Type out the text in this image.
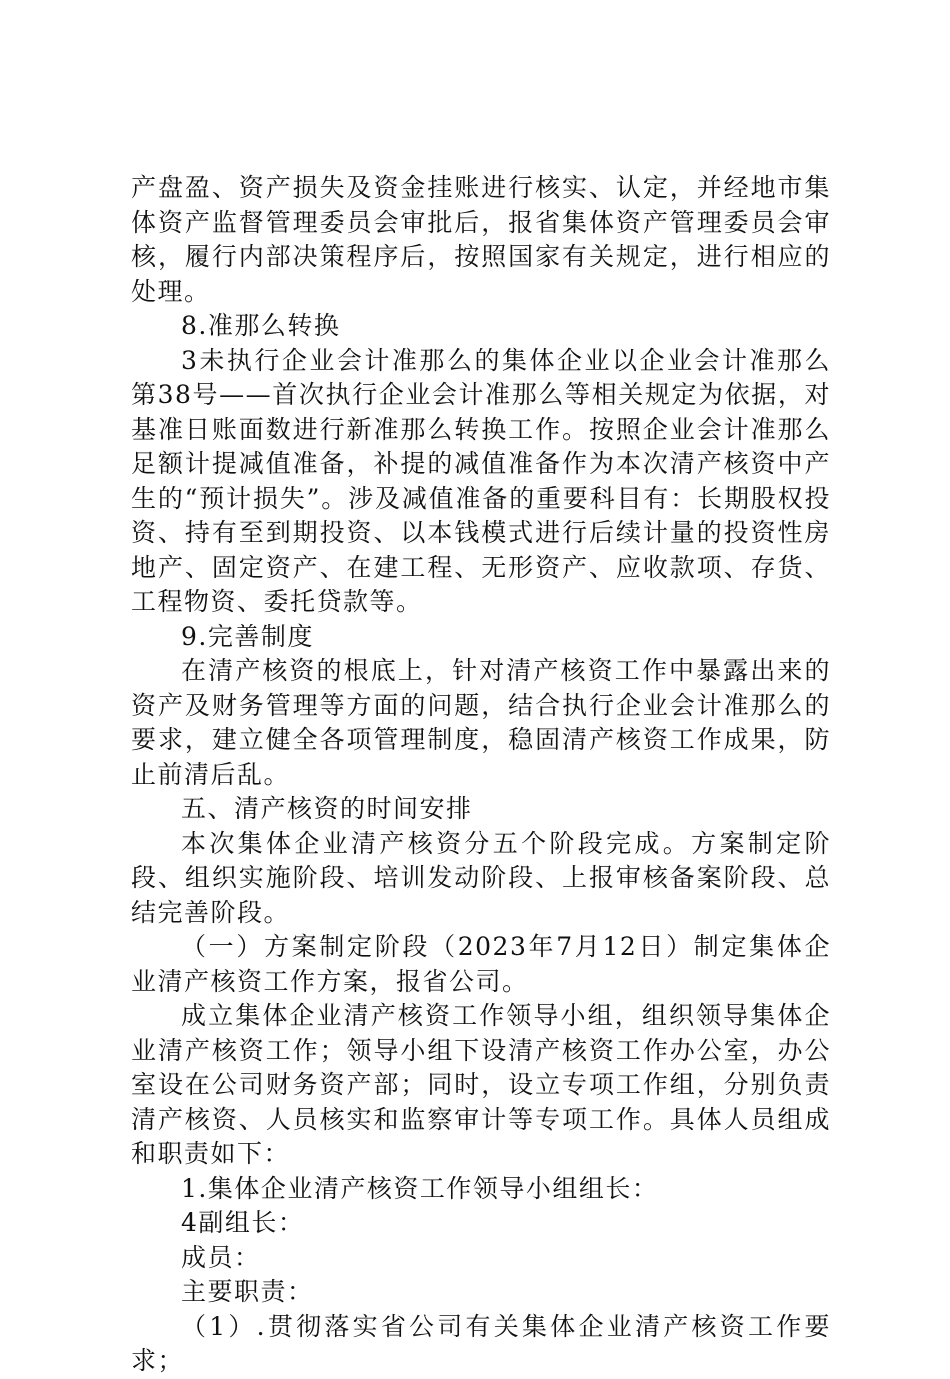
产盘盈、资产损失及资金挂账进行核实、认定，并经地市集体资产监督管理委员会审批后，报省集体资产管理委员会审核，履行内部决策程序后，按照国家有关规定，进行相应的处理。

8.准那么转换

3未执行企业会计准那么的集体企业以企业会计准那么第38号——首次执行企业会计准那么等相关规定为依据，对基准日账面数进行新准那么转换工作。按照企业会计准那么足额计提减值准备，补提的减值准备作为本次清产核资中产生的“预计损失”。涉及减值准备的重要科目有：长期股权投资、持有至到期投资、以本钱模式进行后续计量的投资性房地产、固定资产、在建工程、无形资产、应收款项、存货、工程物资、委托贷款等。

9.完善制度

在清产核资的根底上，针对清产核资工作中暴露出来的资产及财务管理等方面的问题，结合执行企业会计准那么的要求，建立健全各项管理制度，稳固清产核资工作成果，防止前清后乱。

五、清产核资的时间安排

本次集体企业清产核资分五个阶段完成。方案制定阶段、组织实施阶段、培训发动阶段、上报审核备案阶段、总结完善阶段。

（一）方案制定阶段（2023年7月12日）制定集体企业清产核资工作方案，报省公司。

成立集体企业清产核资工作领导小组，组织领导集体企业清产核资工作；领导小组下设清产核资工作办公室，办公室设在公司财务资产部；同时，设立专项工作组，分别负责清产核资、人员核实和监察审计等专项工作。具体人员组成和职责如下：

1.集体企业清产核资工作领导小组组长：

4副组长：

成员：

主要职责：

（1）.贯彻落实省公司有关集体企业清产核资工作要求；
